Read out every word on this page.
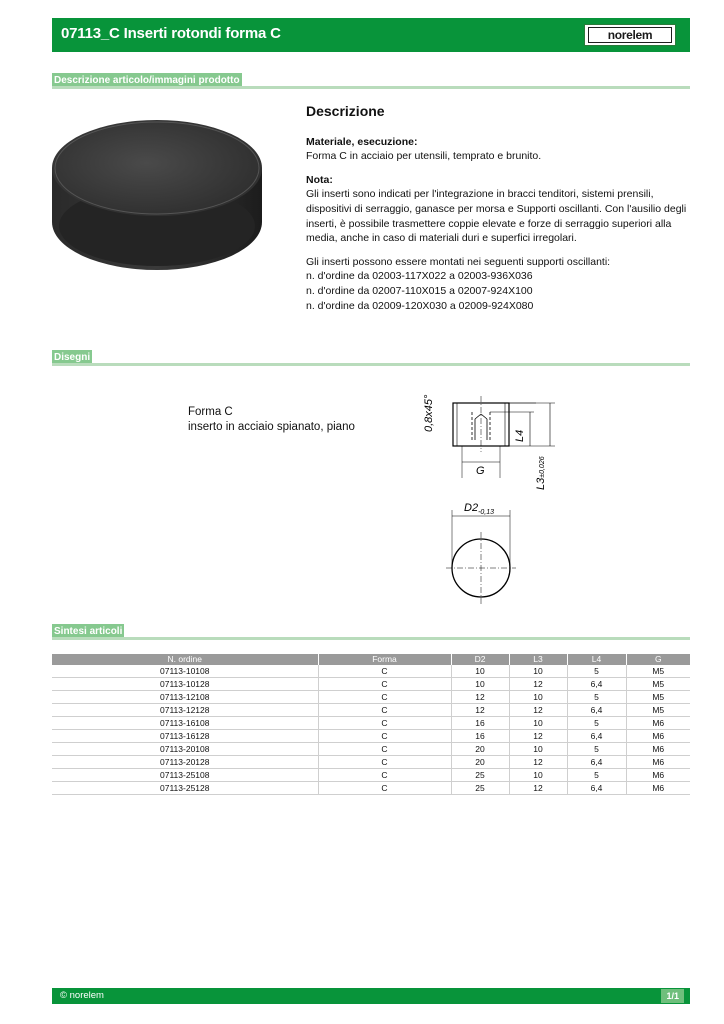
07113_C Inserti rotondi forma C	norelem
Descrizione articolo/immagini prodotto
Descrizione

Materiale, esecuzione:
Forma C in acciaio per utensili, temprato e brunito.

Nota:
Gli inserti sono indicati per l'integrazione in bracci tenditori, sistemi prensili,
dispositivi di serraggio, ganasce per morsa e Supporti oscillanti. Con l'ausilio degli
inserti, è possibile trasmettere coppie elevate e forze di serraggio superiori alla
media, anche in caso di materiali duri e superfici irregolari.

Gli inserti possono essere montati nei seguenti supporti oscillanti:
n. d'ordine da 02003-117X022 a 02003-936X036
n. d'ordine da 02007-110X015 a 02007-924X100
n. d'ordine da 02009-120X030 a 02009-924X080

Disegni
Forma C
inserto in acciaio spianato, piano	0,8x45°
L4
L3±0,026
G
$D2_{-0,13}$
Sintesi articoli
N. ordine	Forma	D2	L3	L4	G
07113-10108	C	10	10	5	M5
07113-10128	C	10	12	6,4	M5
07113-12108	C	12	10	5	M5
07113-12128	C	12	12	6,4	M5
07113-16108	C	16	10	5	M6
07113-16128	C	16	12	6,4	M6
07113-20108	C	20	10	5	M6
07113-20128	C	20	12	6,4	M6
07113-25108	C	25	10	5	M6
07113-25128	C	25	12	6,4	M6
© norelem	1/1
